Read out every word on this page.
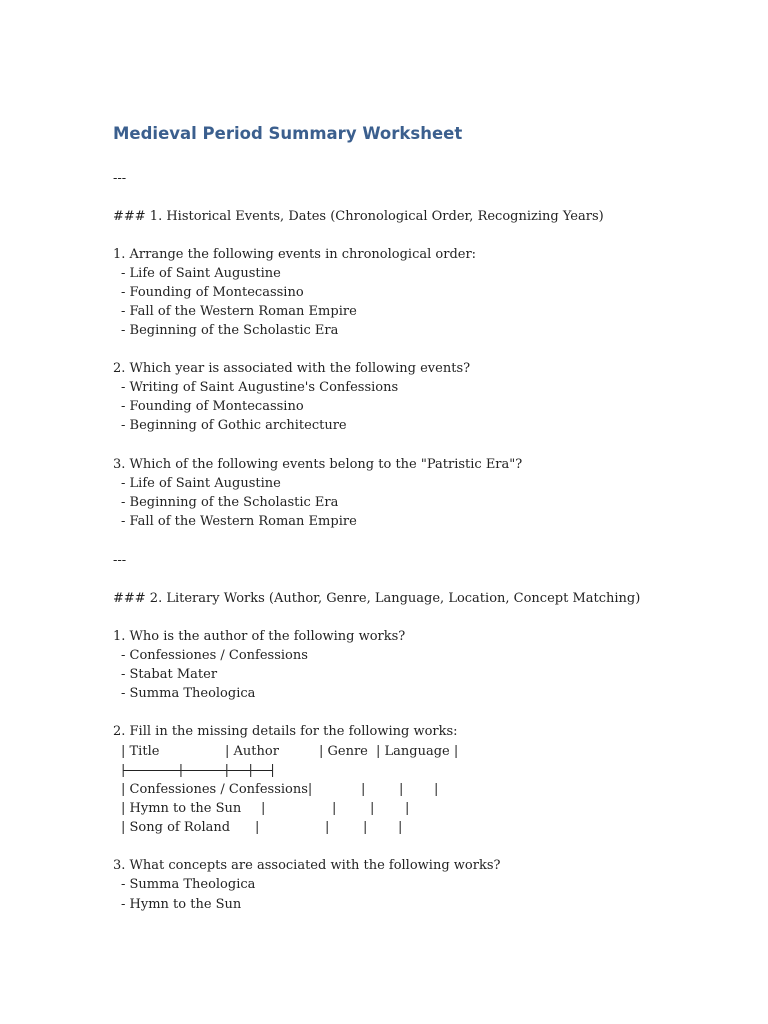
Medieval Period Summary Worksheet
---
### 1. Historical Events, Dates (Chronological Order, Recognizing Years)
1. Arrange the following events in chronological order:
- Life of Saint Augustine
- Founding of Montecassino
- Fall of the Western Roman Empire
- Beginning of the Scholastic Era
2. Which year is associated with the following events?
- Writing of Saint Augustine's Confessions
- Founding of Montecassino
- Beginning of Gothic architecture
3. Which of the following events belong to the "Patristic Era"?
- Life of Saint Augustine
- Beginning of the Scholastic Era
- Fall of the Western Roman Empire
---
### 2. Literary Works (Author, Genre, Language, Location, Concept Matching)
1. Who is the author of the following works?
- Confessiones / Confessions
- Stabat Mater
- Summa Theologica
2. Fill in the missing details for the following works:
| Title	| Author	| Genre | Language |
|----------------------------|----------------------|-----------|----------|
| Confessiones / Confessions|	|	| |
| Hymn to the Sun |	|	| |
| Song of Roland |	|	| |
3. What concepts are associated with the following works?
- Summa Theologica
- Hymn to the Sun
